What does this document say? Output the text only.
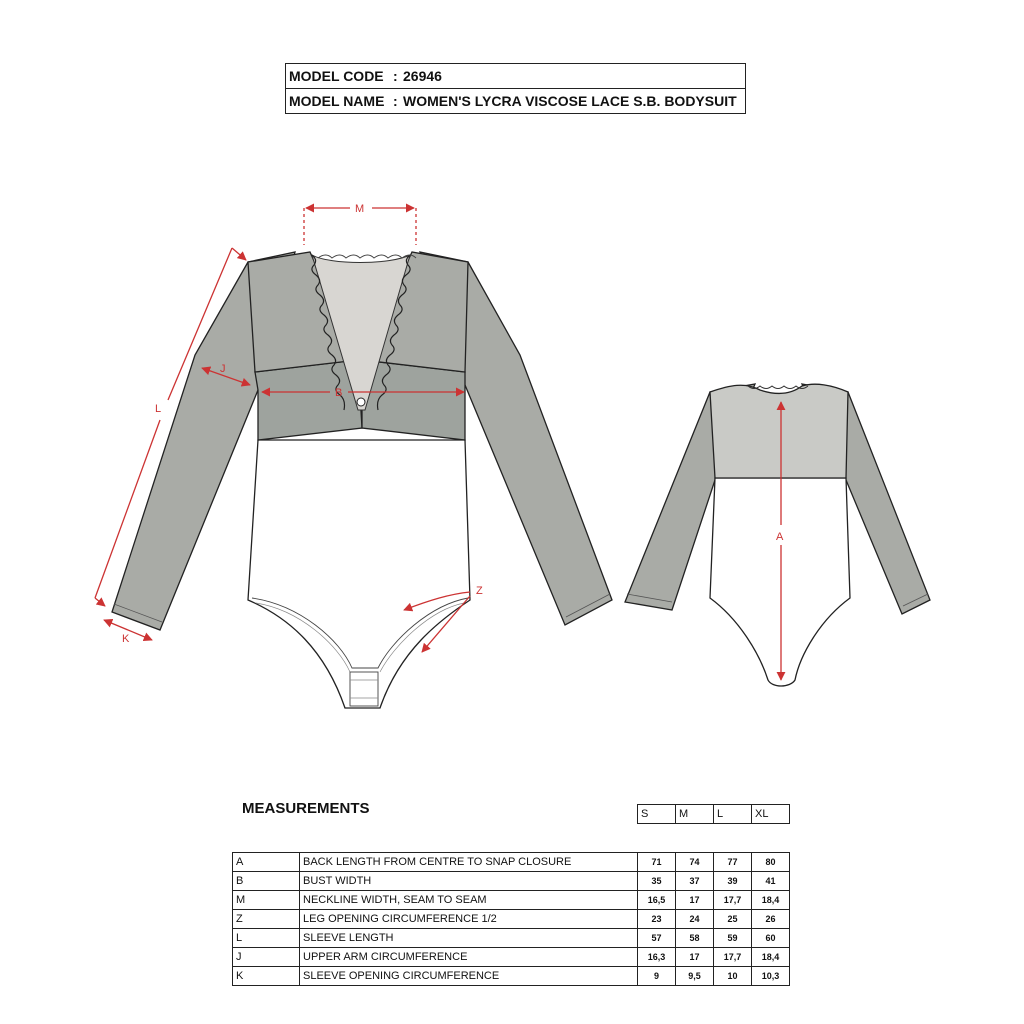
MODEL CODE : 26946
MODEL NAME : WOMEN'S LYCRA VISCOSE LACE S.B. BODYSUIT
M
B
J
L
K
Z
A
MEASUREMENTS	S	M	L	XL
A	BACK LENGTH FROM CENTRE TO SNAP CLOSURE	71	74	77	80
B	BUST WIDTH	35	37	39	41
M	NECKLINE WIDTH, SEAM TO SEAM	16,5	17	17,7	18,4
Z	LEG OPENING CIRCUMFERENCE 1/2	23	24	25	26
L	SLEEVE LENGTH	57	58	59	60
J	UPPER ARM CIRCUMFERENCE	16,3	17	17,7	18,4
K	SLEEVE OPENING CIRCUMFERENCE	9	9,5	10	10,3
